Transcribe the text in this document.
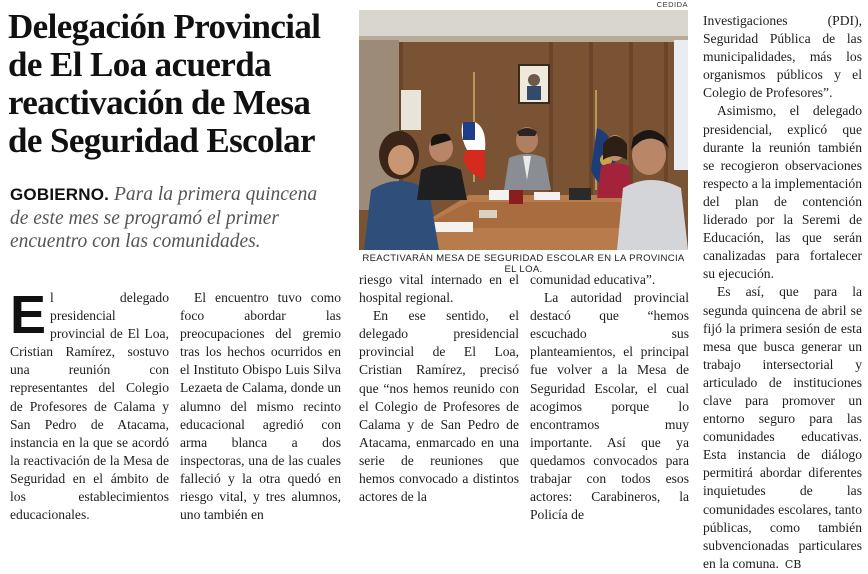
Delegación Provincial de El Loa acuerda reactivación de Mesa de Seguridad Escolar

GOBIERNO. Para la primera quincena de este mes se programó el primer encuentro con las comunidades.

CEDIDA
REACTIVARÁN MESA DE SEGURIDAD ESCOLAR EN LA PROVINCIA EL LOA.
E l delegado presidencial provincial de El Loa, Cristian Ramírez, sostuvo una reunión con representantes del Colegio de Profesores de Calama y San Pedro de Atacama, instancia en la que se acordó la reactivación de la Mesa de Seguridad en el ámbito de los establecimientos educacionales.

El encuentro tuvo como foco abordar las preocupaciones del gremio tras los hechos ocurridos en el Instituto Obispo Luis Silva Lezaeta de Calama, donde un alumno del mismo recinto educacional agredió con arma blanca a dos inspectoras, una de las cuales falleció y la otra quedó en riesgo vital, y tres alumnos, uno también en

riesgo vital internado en el hospital regional.

En ese sentido, el delegado presidencial provincial de El Loa, Cristian Ramírez, precisó que “nos hemos reunido con el Colegio de Profesores de Calama y de San Pedro de Atacama, enmarcado en una serie de reuniones que hemos convocado a distintos actores de la

comunidad educativa”.

La autoridad provincial destacó que “hemos escuchado sus planteamientos, el principal fue volver a la Mesa de Seguridad Escolar, el cual acogimos porque lo encontramos muy importante. Así que ya quedamos convocados para trabajar con todos esos actores: Carabineros, la Policía de

Investigaciones (PDI), Seguridad Pública de las municipalidades, más los organismos públicos y el Colegio de Profesores”.

Asimismo, el delegado presidencial, explicó que durante la reunión también se recogieron observaciones respecto a la implementación del plan de contención liderado por la Seremi de Educación, las que serán canalizadas para fortalecer su ejecución.

Es así, que para la segunda quincena de abril se fijó la primera sesión de esta mesa que busca generar un trabajo intersectorial y articulado de instituciones clave para promover un entorno seguro para las comunidades educativas. Esta instancia de diálogo permitirá abordar diferentes inquietudes de las comunidades escolares, tanto públicas, como también subvencionadas particulares en la comuna. CB
